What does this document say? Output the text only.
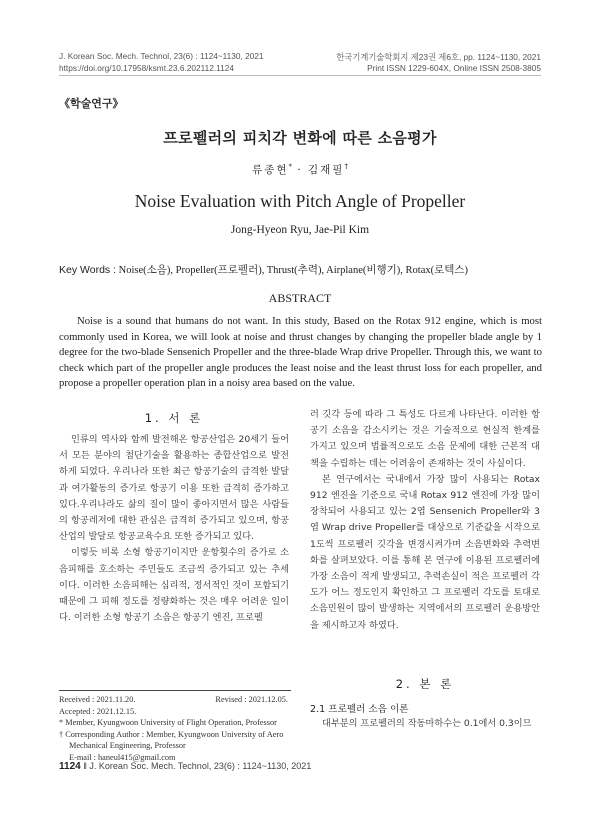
J. Korean Soc. Mech. Technol, 23(6) : 1124~1130, 2021
https://doi.org/10.17958/ksmt.23.6.202112.1124
한국기계기술학회지 제23권 제6호, pp. 1124~1130, 2021
Print ISSN 1229-604X, Online ISSN 2508-3805
《학술연구》
프로펠러의 피치각 변화에 따른 소음평가
류종현* · 김재필†
Noise Evaluation with Pitch Angle of Propeller
Jong-Hyeon Ryu, Jae-Pil Kim
Key Words : Noise(소음), Propeller(프로펠러), Thrust(추력), Airplane(비행기), Rotax(로텍스)
ABSTRACT

Noise is a sound that humans do not want. In this study, Based on the Rotax 912 engine, which is most commonly used in Korea, we will look at noise and thrust changes by changing the propeller blade angle by 1 degree for the two-blade Sensenich Propeller and the three-blade Wrap drive Propeller. Through this, we want to check which part of the propeller angle produces the least noise and the least thrust loss for each propeller, and propose a propeller operation plan in a noisy area based on the value.

1. 서 론

인류의 역사와 함께 발전해온 항공산업은 20세기 들어서 모든 분야의 첨단기술을 활용하는 종합산업으로 발전하게 되었다. 우리나라 또한 최근 항공기술의 급격한 발달과 여가활동의 증가로 항공기 이용 또한 급격히 증가하고 있다.우리나라도 삶의 질이 많이 좋아지면서 많은 사람들의 항공레저에 대한 관심은 급격히 증가되고 있으며, 항공산업의 발달로 항공교육수요 또한 증가되고 있다.

이렇듯 비록 소형 항공기이지만 운항횟수의 증가로 소음피해를 호소하는 주민들도 조금씩 증가되고 있는 추세이다. 이러한 소음피해는 심리적, 정서적인 것이 포함되기 때문에 그 피해 정도를 정량화하는 것은 매우 어려운 일이다. 이러한 소형 항공기 소음은 항공기 엔진, 프로펠

러 깃각 등에 따라 그 특성도 다르게 나타난다. 이러한 항공기 소음을 감소시키는 것은 기술적으로 현실적 한계를 가지고 있으며 법률적으로도 소음 문제에 대한 근본적 대책을 수립하는 데는 어려움이 존재하는 것이 사실이다.

본 연구에서는 국내에서 가장 많이 사용되는 Rotax 912 엔진을 기준으로 국내 Rotax 912 엔진에 가장 많이 장착되어 사용되고 있는 2엽 Sensenich Propeller와 3엽 Wrap drive Propeller를 대상으로 기준값을 시작으로 1도씩 프로펠러 깃각을 변경시켜가며 소음변화와 추력변화를 살펴보았다. 이를 통해 본 연구에 이용된 프로펠러에 가장 소음이 적게 발생되고, 추력손실이 적은 프로펠러 각도가 어느 정도인지 확인하고 그 프로펠러 각도를 토대로 소음민원이 많이 발생하는 지역에서의 프로펠러 운용방안을 제시하고자 하였다.

2. 본 론
2.1 프로펠러 소음 이론

대부분의 프로펠러의 작동마하수는 0.1에서 0.3이므

Received : 2021.11.20.	Revised : 2021.12.05.
Accepted : 2021.12.15.
* Member, Kyungwoon University of Flight Operation, Professor
† Corresponding Author : Member, Kyungwoon University of Aero Mechanical Engineering, Professor
E-mail : haneul415@gmail.com
1124 ‖ J. Korean Soc. Mech. Technol, 23(6) : 1124~1130, 2021
